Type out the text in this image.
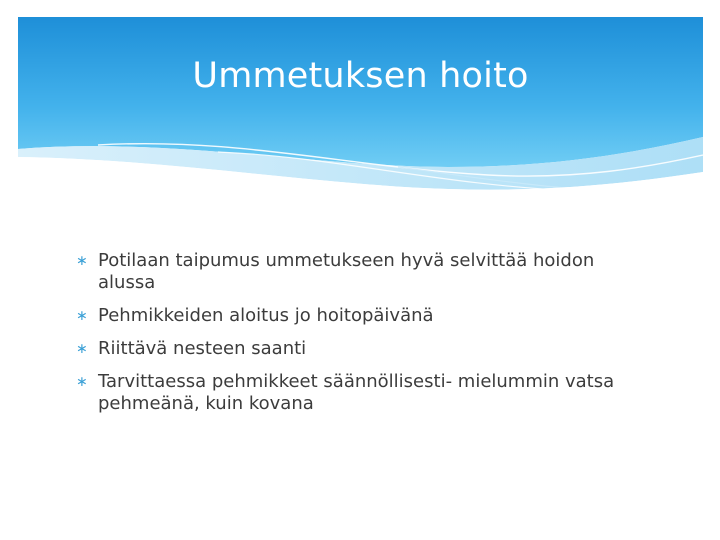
Ummetuksen hoito
∗ Potilaan taipumus ummetukseen hyvä selvittää hoidon alussa
∗ Pehmikkeiden aloitus jo hoitopäivänä
∗ Riittävä nesteen saanti
∗ Tarvittaessa pehmikkeet säännöllisesti- mielummin vatsa pehmeänä, kuin kovana
